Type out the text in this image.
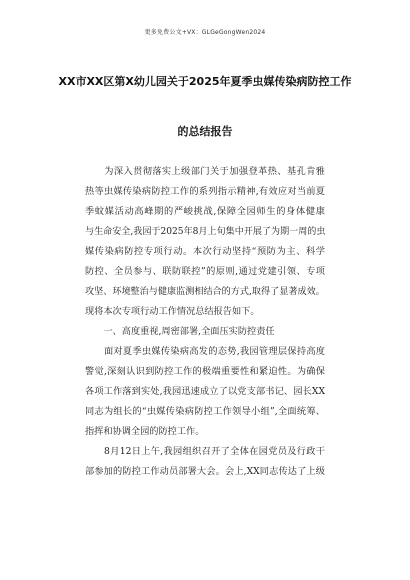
更多免费公文+VX：GLGeGongWen2024
XX市XX区第X幼儿园关于2025年夏季虫媒传染病防控工作
的总结报告
　　为深入贯彻落实上级部门关于加强登革热、基孔肯雅
热等虫媒传染病防控工作的系列指示精神,有效应对当前夏
季蚊媒活动高峰期的严峻挑战,保障全园师生的身体健康
与生命安全,我园于2025年8月上旬集中开展了为期一周的虫
媒传染病防控专项行动。本次行动坚持“预防为主、科学
防控、全员参与、联防联控”的原则,通过党建引领、专项
攻坚、环境整治与健康监测相结合的方式,取得了显著成效。
现将本次专项行动工作情况总结报告如下。
　　一、高度重视,周密部署,全面压实防控责任
　　面对夏季虫媒传染病高发的态势,我园管理层保持高度
警觉,深刻认识到防控工作的极端重要性和紧迫性。为确保
各项工作落到实处,我园迅速成立了以党支部书记、园长XX
同志为组长的“虫媒传染病防控工作领导小组”,全面统筹、
指挥和协调全园的防控工作。
　　8月12日上午,我园组织召开了全体在园党员及行政干
部参加的防控工作动员部署大会。会上,XX同志传达了上级
